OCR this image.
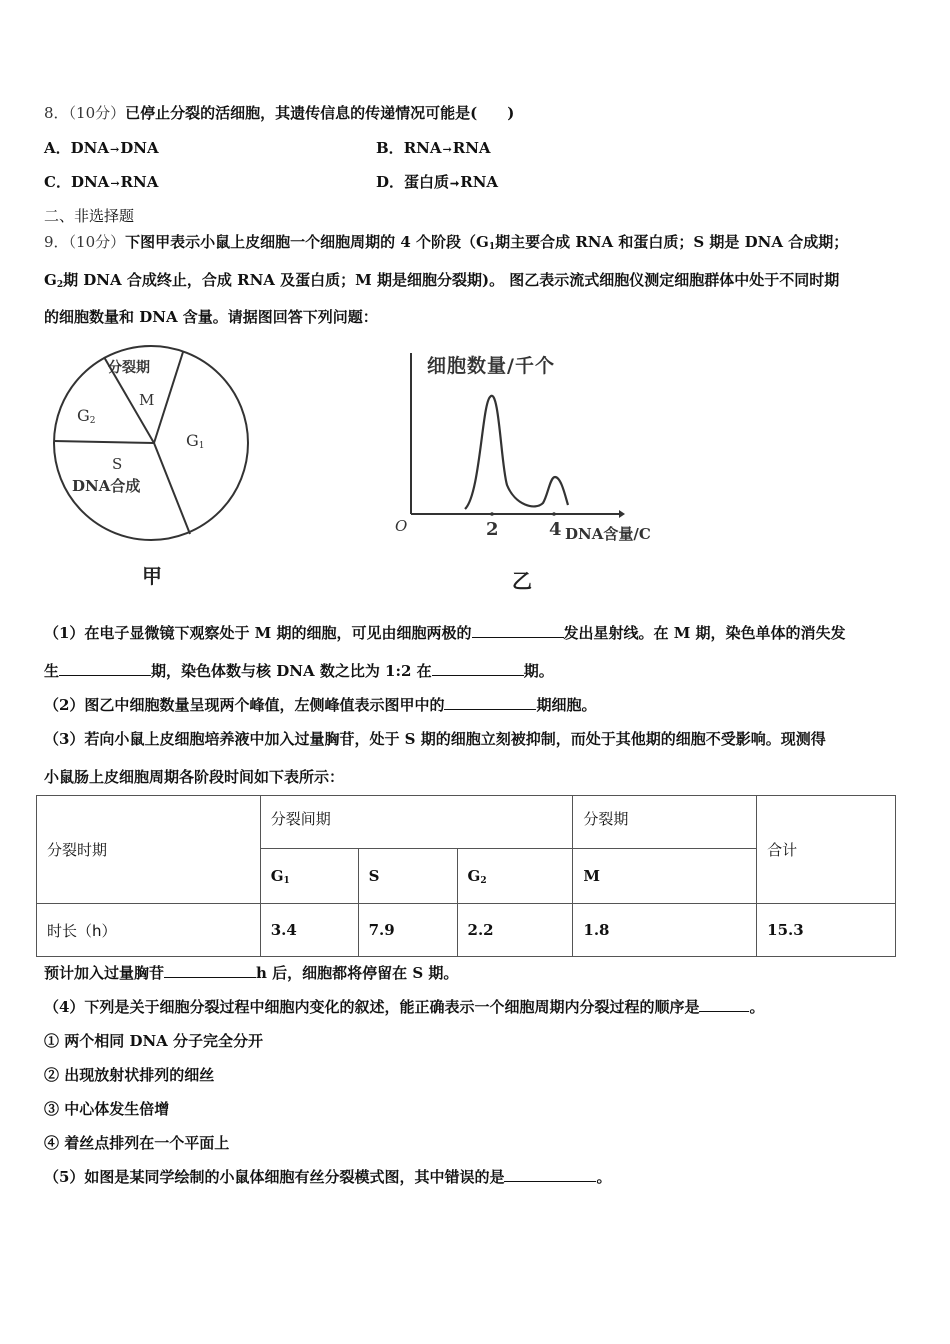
8．（10分）已停止分裂的活细胞，其遗传信息的传递情况可能是(　　)
A．DNA→DNA	B．RNA→RNA
C．DNA→RNA	D．蛋白质➞RNA
二、非选择题
9．（10分）下图甲表示小鼠上皮细胞一个细胞周期的 4 个阶段（$G_1$期主要合成 RNA 和蛋白质；S 期是 DNA 合成期；
$G_2$期 DNA 合成终止，合成 RNA 及蛋白质；M 期是细胞分裂期)。 图乙表示流式细胞仪测定细胞群体中处于不同时期
的细胞数量和 DNA 含量。请据图回答下列问题：
分裂期
M
$G_2$
$G_1$
S
DNA合成
甲
细胞数量/千个
O	2	4 DNA含量/C
乙
（1）在电子显微镜下观察处于 M 期的细胞，可见由细胞两极的	发出星射线。在 M 期，染色单体的消失发
生	期，染色体数与核 DNA 数之比为 1:2 在	期。
（2）图乙中细胞数量呈现两个峰值，左侧峰值表示图甲中的	期细胞。
（3）若向小鼠上皮细胞培养液中加入过量胸苷，处于 S 期的细胞立刻被抑制，而处于其他期的细胞不受影响。现测得
小鼠肠上皮细胞周期各阶段时间如下表所示：
分裂时期	分裂间期			分裂期	合计
	$G_1$	S	$G_2$	M	
时长（h）	3.4	7.9	2.2	1.8	15.3
预计加入过量胸苷	h 后，细胞都将停留在 S 期。
（4）下列是关于细胞分裂过程中细胞内变化的叙述，能正确表示一个细胞周期内分裂过程的顺序是	。
① 两个相同 DNA 分子完全分开
② 出现放射状排列的细丝
③ 中心体发生倍增
④ 着丝点排列在一个平面上
（5）如图是某同学绘制的小鼠体细胞有丝分裂模式图，其中错误的是	。
